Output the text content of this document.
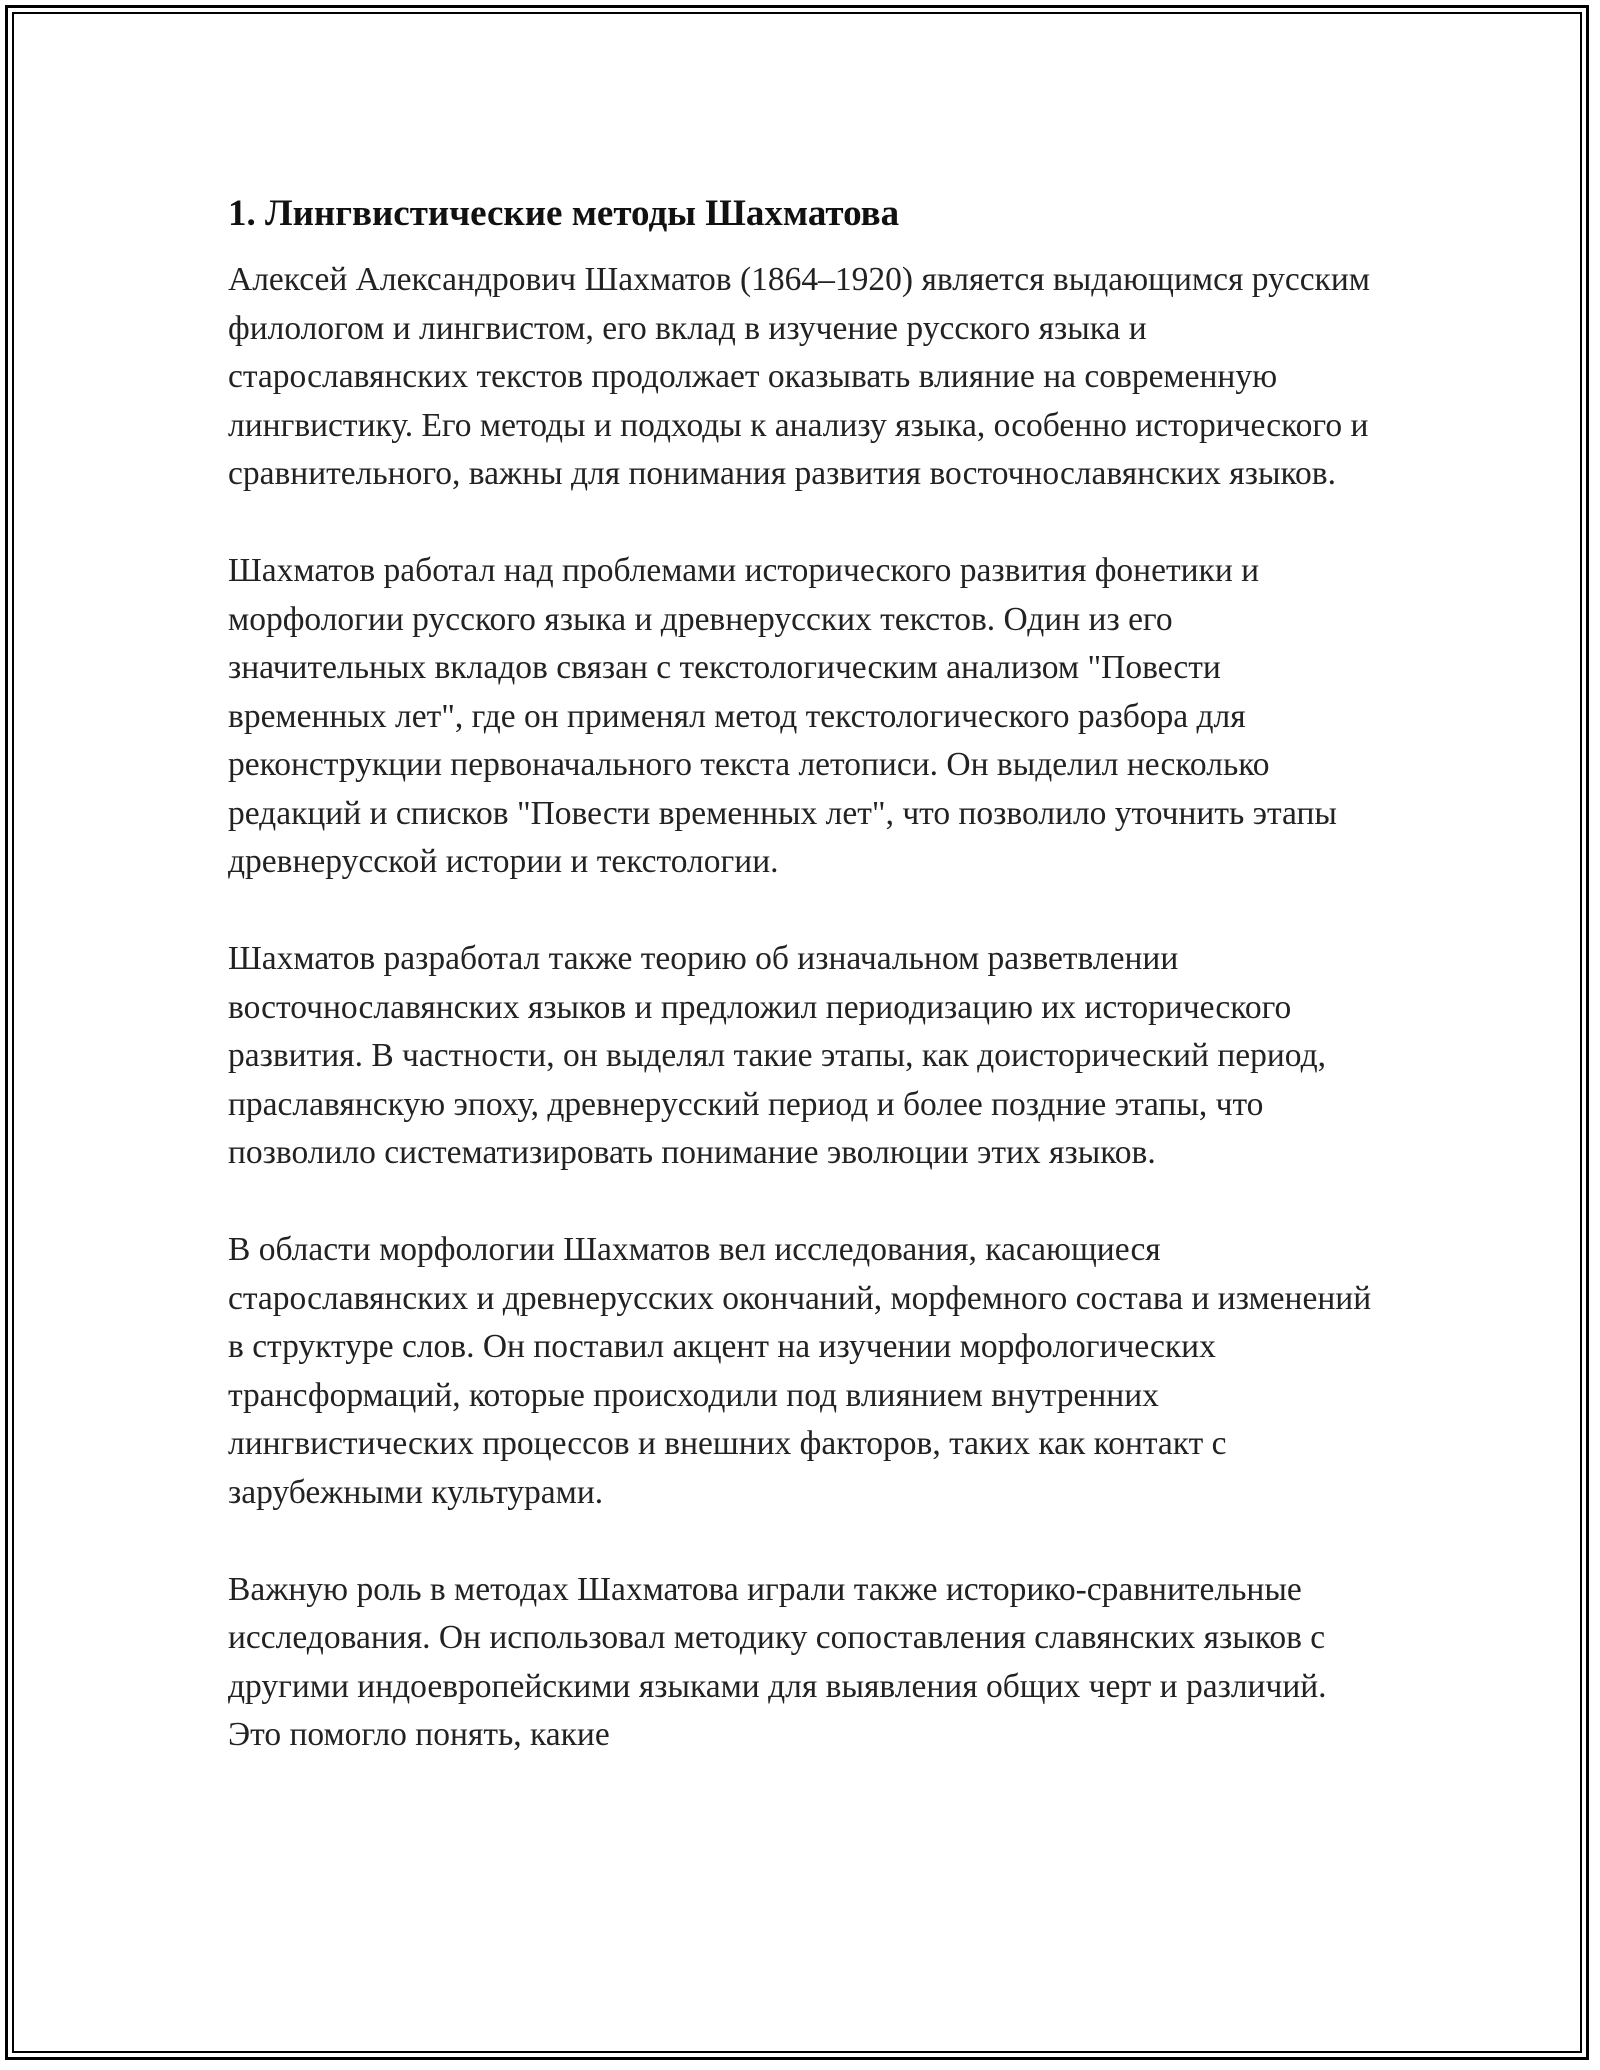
1. Лингвистические методы Шахматова

Алексей Александрович Шахматов (1864–1920) является выдающимся русским филологом и лингвистом, его вклад в изучение русского языка и старославянских текстов продолжает оказывать влияние на современную лингвистику. Его методы и подходы к анализу языка, особенно исторического и сравнительного, важны для понимания развития восточнославянских языков.

Шахматов работал над проблемами исторического развития фонетики и морфологии русского языка и древнерусских текстов. Один из его значительных вкладов связан с текстологическим анализом "Повести временных лет", где он применял метод текстологического разбора для реконструкции первоначального текста летописи. Он выделил несколько редакций и списков "Повести временных лет", что позволило уточнить этапы древнерусской истории и текстологии.

Шахматов разработал также теорию об изначальном разветвлении восточнославянских языков и предложил периодизацию их исторического развития. В частности, он выделял такие этапы, как доисторический период, праславянскую эпоху, древнерусский период и более поздние этапы, что позволило систематизировать понимание эволюции этих языков.

В области морфологии Шахматов вел исследования, касающиеся старославянских и древнерусских окончаний, морфемного состава и изменений в структуре слов. Он поставил акцент на изучении морфологических трансформаций, которые происходили под влиянием внутренних лингвистических процессов и внешних факторов, таких как контакт с зарубежными культурами.

Важную роль в методах Шахматова играли также историко-сравнительные исследования. Он использовал методику сопоставления славянских языков с другими индоевропейскими языками для выявления общих черт и различий. Это помогло понять, какие
